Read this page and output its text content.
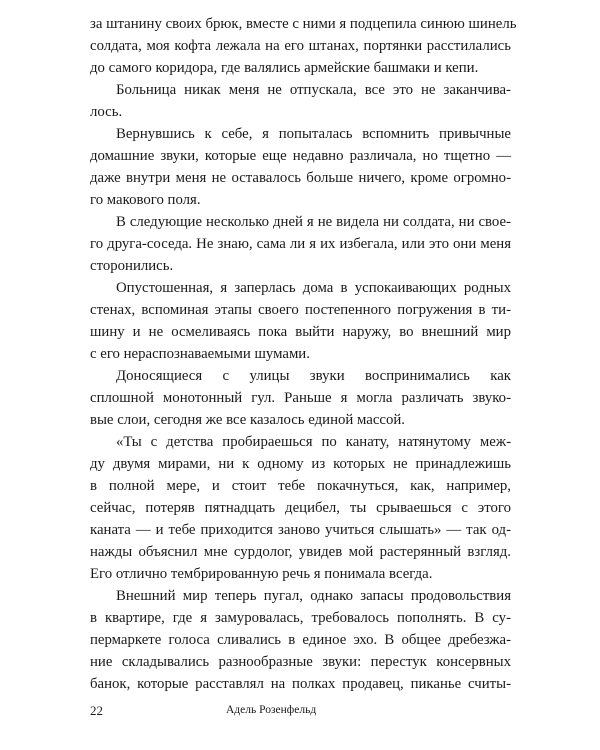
за штанину своих брюк, вместе с ними я подцепила синюю шинель
солдата, моя кофта лежала на его штанах, портянки расстилались
до самого коридора, где валялись армейские башмаки и кепи.
Больница никак меня не отпускала, все это не заканчива-
лось.
Вернувшись к себе, я попыталась вспомнить привычные
домашние звуки, которые еще недавно различала, но тщетно —
даже внутри меня не оставалось больше ничего, кроме огромно-
го макового поля.
В следующие несколько дней я не видела ни солдата, ни свое-
го друга-соседа. Не знаю, сама ли я их избегала, или это они меня
сторонились.
Опустошенная, я заперлась дома в успокаивающих родных
стенах, вспоминая этапы своего постепенного погружения в ти-
шину и не осмеливаясь пока выйти наружу, во внешний мир
с его нераспознаваемыми шумами.
Доносящиеся с улицы звуки воспринимались как
сплошной монотонный гул. Раньше я могла различать звуко-
вые слои, сегодня же все казалось единой массой.
«Ты с детства пробираешься по канату, натянутому меж-
ду двумя мирами, ни к одному из которых не принадлежишь
в полной мере, и стоит тебе покачнуться, как, например,
сейчас, потеряв пятнадцать децибел, ты срываешься с этого
каната — и тебе приходится заново учиться слышать» — так од-
нажды объяснил мне сурдолог, увидев мой растерянный взгляд.
Его отлично тембрированную речь я понимала всегда.
Внешний мир теперь пугал, однако запасы продовольствия
в квартире, где я замуровалась, требовалось пополнять. В су-
пермаркете голоса сливались в единое эхо. В общее дребезжа-
ние складывались разнообразные звуки: перестук консервных
банок, которые расставлял на полках продавец, пиканье считы-
22	Адель Розенфельд
